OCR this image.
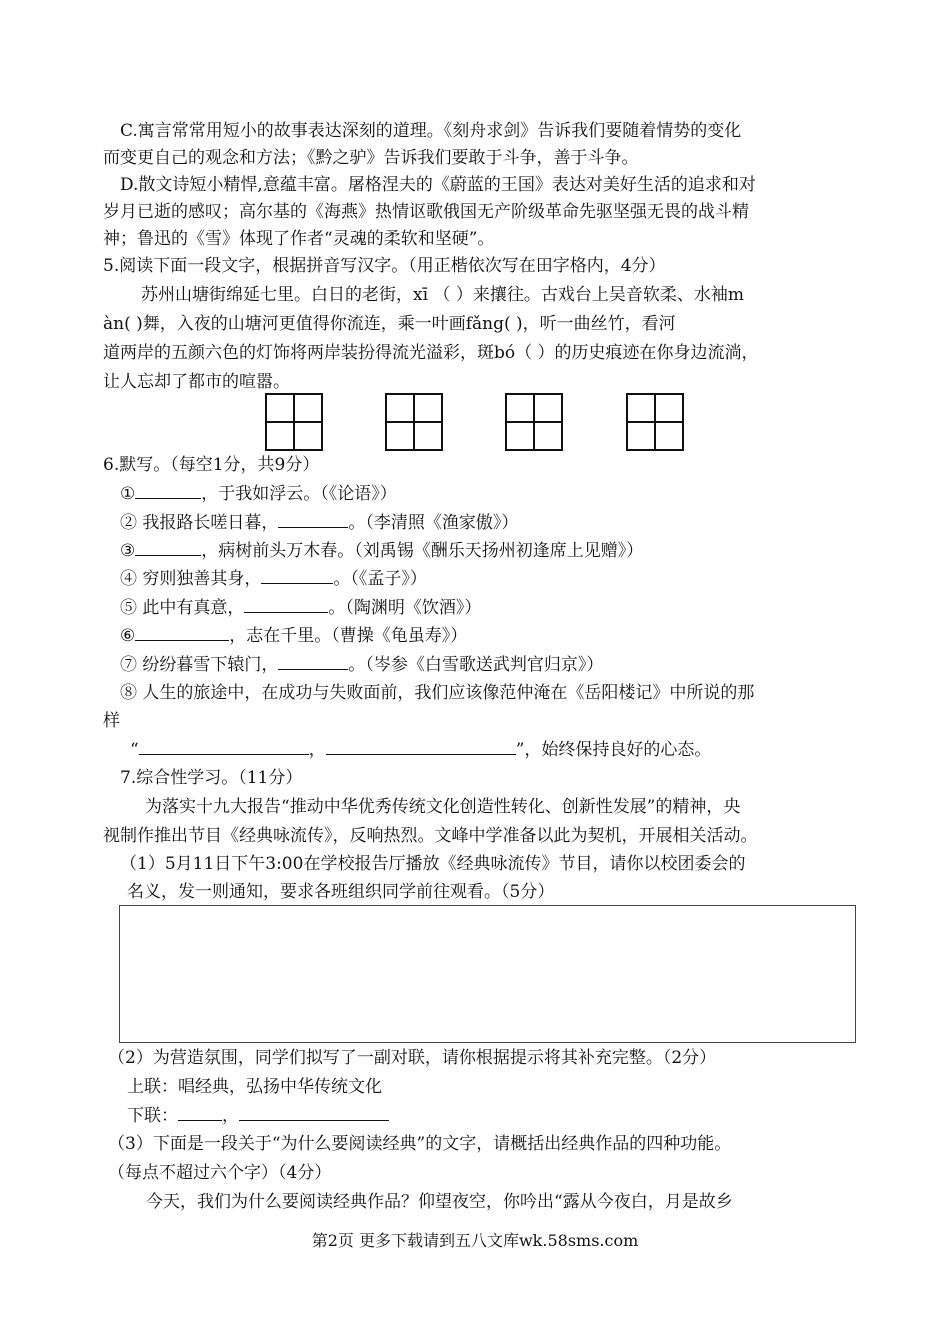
C.寓言常常用短小的故事表达深刻的道理。《刻舟求剑》告诉我们要随着情势的变化
而变更自己的观念和方法；《黔之驴》告诉我们要敢于斗争，善于斗争。
D.散文诗短小精悍,意蕴丰富。屠格涅夫的《蔚蓝的王国》表达对美好生活的追求和对
岁月已逝的感叹；高尔基的《海燕》热情讴歌俄国无产阶级革命先驱坚强无畏的战斗精
神；鲁迅的《雪》体现了作者“灵魂的柔软和坚硬”。
5.阅读下面一段文字，根据拼音写汉字。（用正楷依次写在田字格内，4分）
苏州山塘街绵延七里。白日的老街，xī （ ）来攘往。古戏台上吴音软柔、水袖m
àn( )舞，入夜的山塘河更值得你流连，乘一叶画fǎng( )，听一曲丝竹，看河
道两岸的五颜六色的灯饰将两岸装扮得流光溢彩，斑bó（ ）的历史痕迹在你身边流淌，
让人忘却了都市的喧嚣。
6.默写。（每空1分，共9分）
①	，于我如浮云。（《论语》）
② 我报路长嗟日暮，	。（李清照《渔家傲》）
③	，病树前头万木春。（刘禹锡《酬乐天扬州初逢席上见赠》）
④ 穷则独善其身，	。（《孟子》）
⑤ 此中有真意，	。（陶渊明《饮酒》）
⑥	，志在千里。（曹操《龟虽寿》）
⑦ 纷纷暮雪下辕门，	。（岑参《白雪歌送武判官归京》）
⑧ 人生的旅途中，在成功与失败面前，我们应该像范仲淹在《岳阳楼记》中所说的那
样
“	，	”，始终保持良好的心态。
7.综合性学习。（11分）
为落实十九大报告“推动中华优秀传统文化创造性转化、创新性发展”的精神，央
视制作推出节目《经典咏流传》，反响热烈。文峰中学准备以此为契机，开展相关活动。
（1）5月11日下午3:00在学校报告厅播放《经典咏流传》节目，请你以校团委会的
名义，发一则通知，要求各班组织同学前往观看。（5分）
（2）为营造氛围，同学们拟写了一副对联，请你根据提示将其补充完整。（2分）
上联：唱经典，弘扬中华传统文化
下联：	，
（3）下面是一段关于“为什么要阅读经典”的文字，请概括出经典作品的四种功能。
（每点不超过六个字）（4分）
今天，我们为什么要阅读经典作品？仰望夜空，你吟出“露从今夜白，月是故乡
第2页 更多下载请到五八文库wk.58sms.com
